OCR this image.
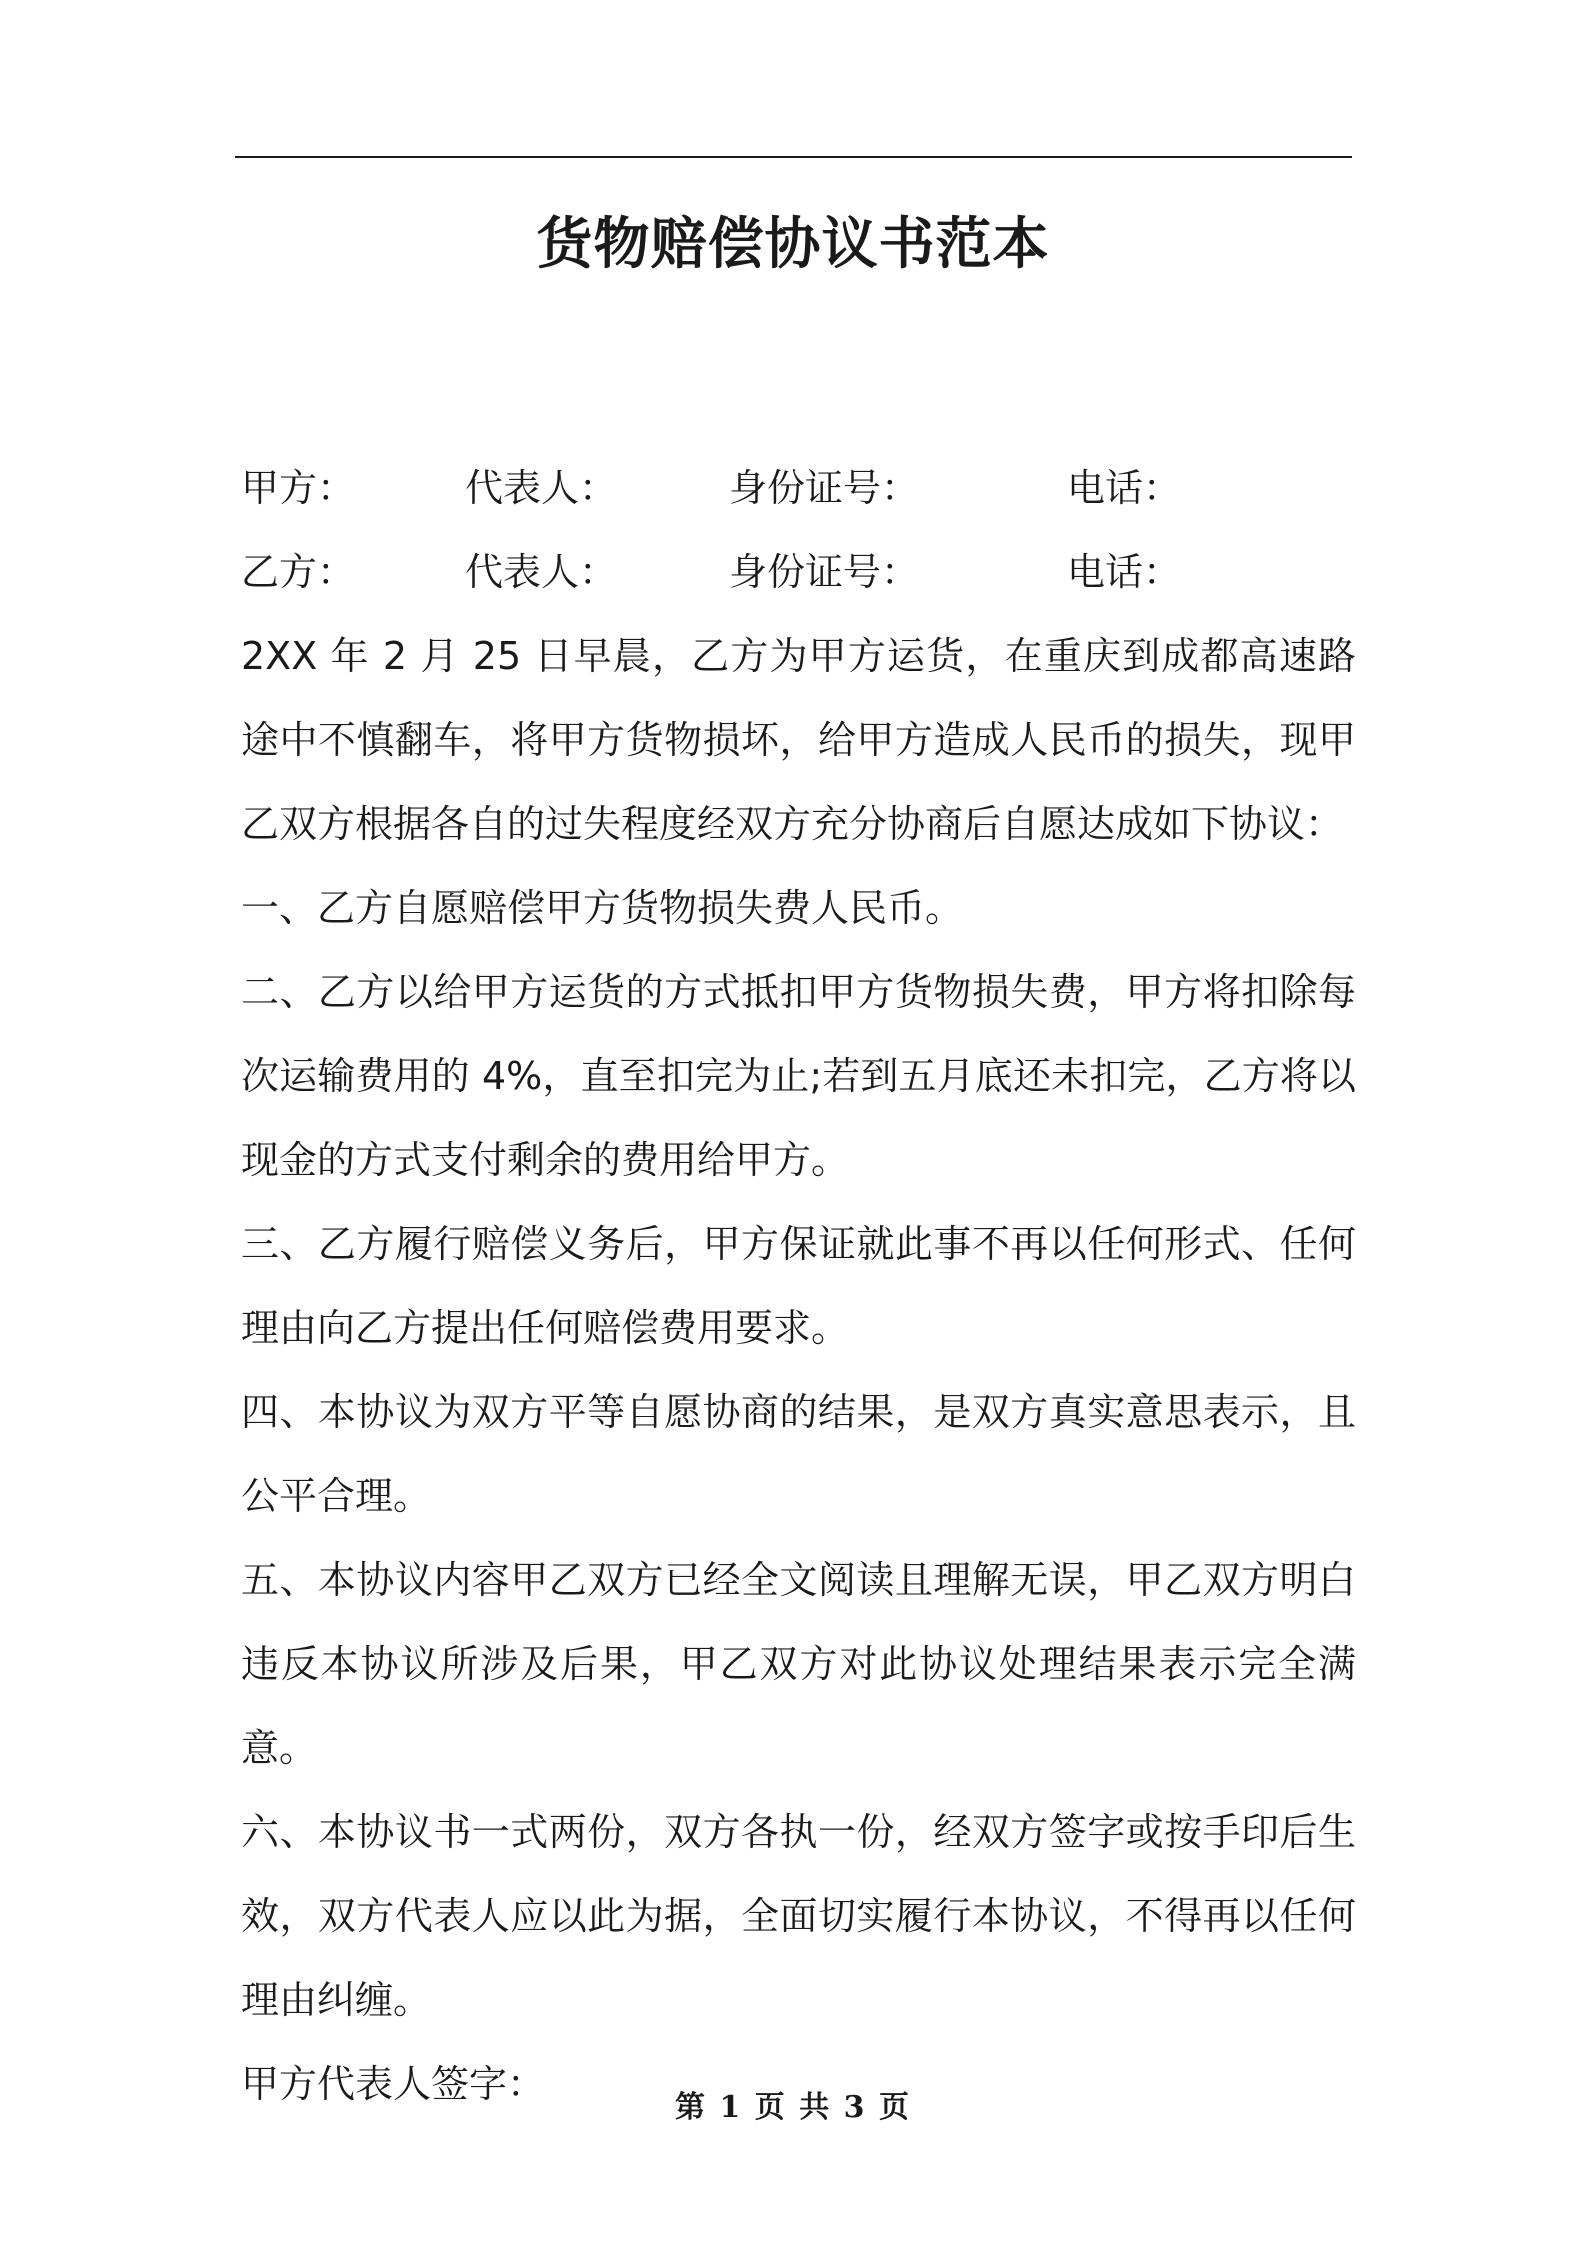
货物赔偿协议书范本
甲方：	代表人：	身份证号：	电话：
乙方：	代表人：	身份证号：	电话：
2XX 年 2 月 25 日早晨，乙方为甲方运货，在重庆到成都高速路途中不慎翻车，将甲方货物损坏，给甲方造成人民币的损失，现甲乙双方根据各自的过失程度经双方充分协商后自愿达成如下协议：
一、乙方自愿赔偿甲方货物损失费人民币。
二、乙方以给甲方运货的方式抵扣甲方货物损失费，甲方将扣除每次运输费用的 4%，直至扣完为止;若到五月底还未扣完，乙方将以现金的方式支付剩余的费用给甲方。
三、乙方履行赔偿义务后，甲方保证就此事不再以任何形式、任何理由向乙方提出任何赔偿费用要求。
四、本协议为双方平等自愿协商的结果，是双方真实意思表示，且公平合理。
五、本协议内容甲乙双方已经全文阅读且理解无误，甲乙双方明白违反本协议所涉及后果，甲乙双方对此协议处理结果表示完全满意。
六、本协议书一式两份，双方各执一份，经双方签字或按手印后生效，双方代表人应以此为据，全面切实履行本协议，不得再以任何理由纠缠。
甲方代表人签字：
第 1 页 共 3 页
